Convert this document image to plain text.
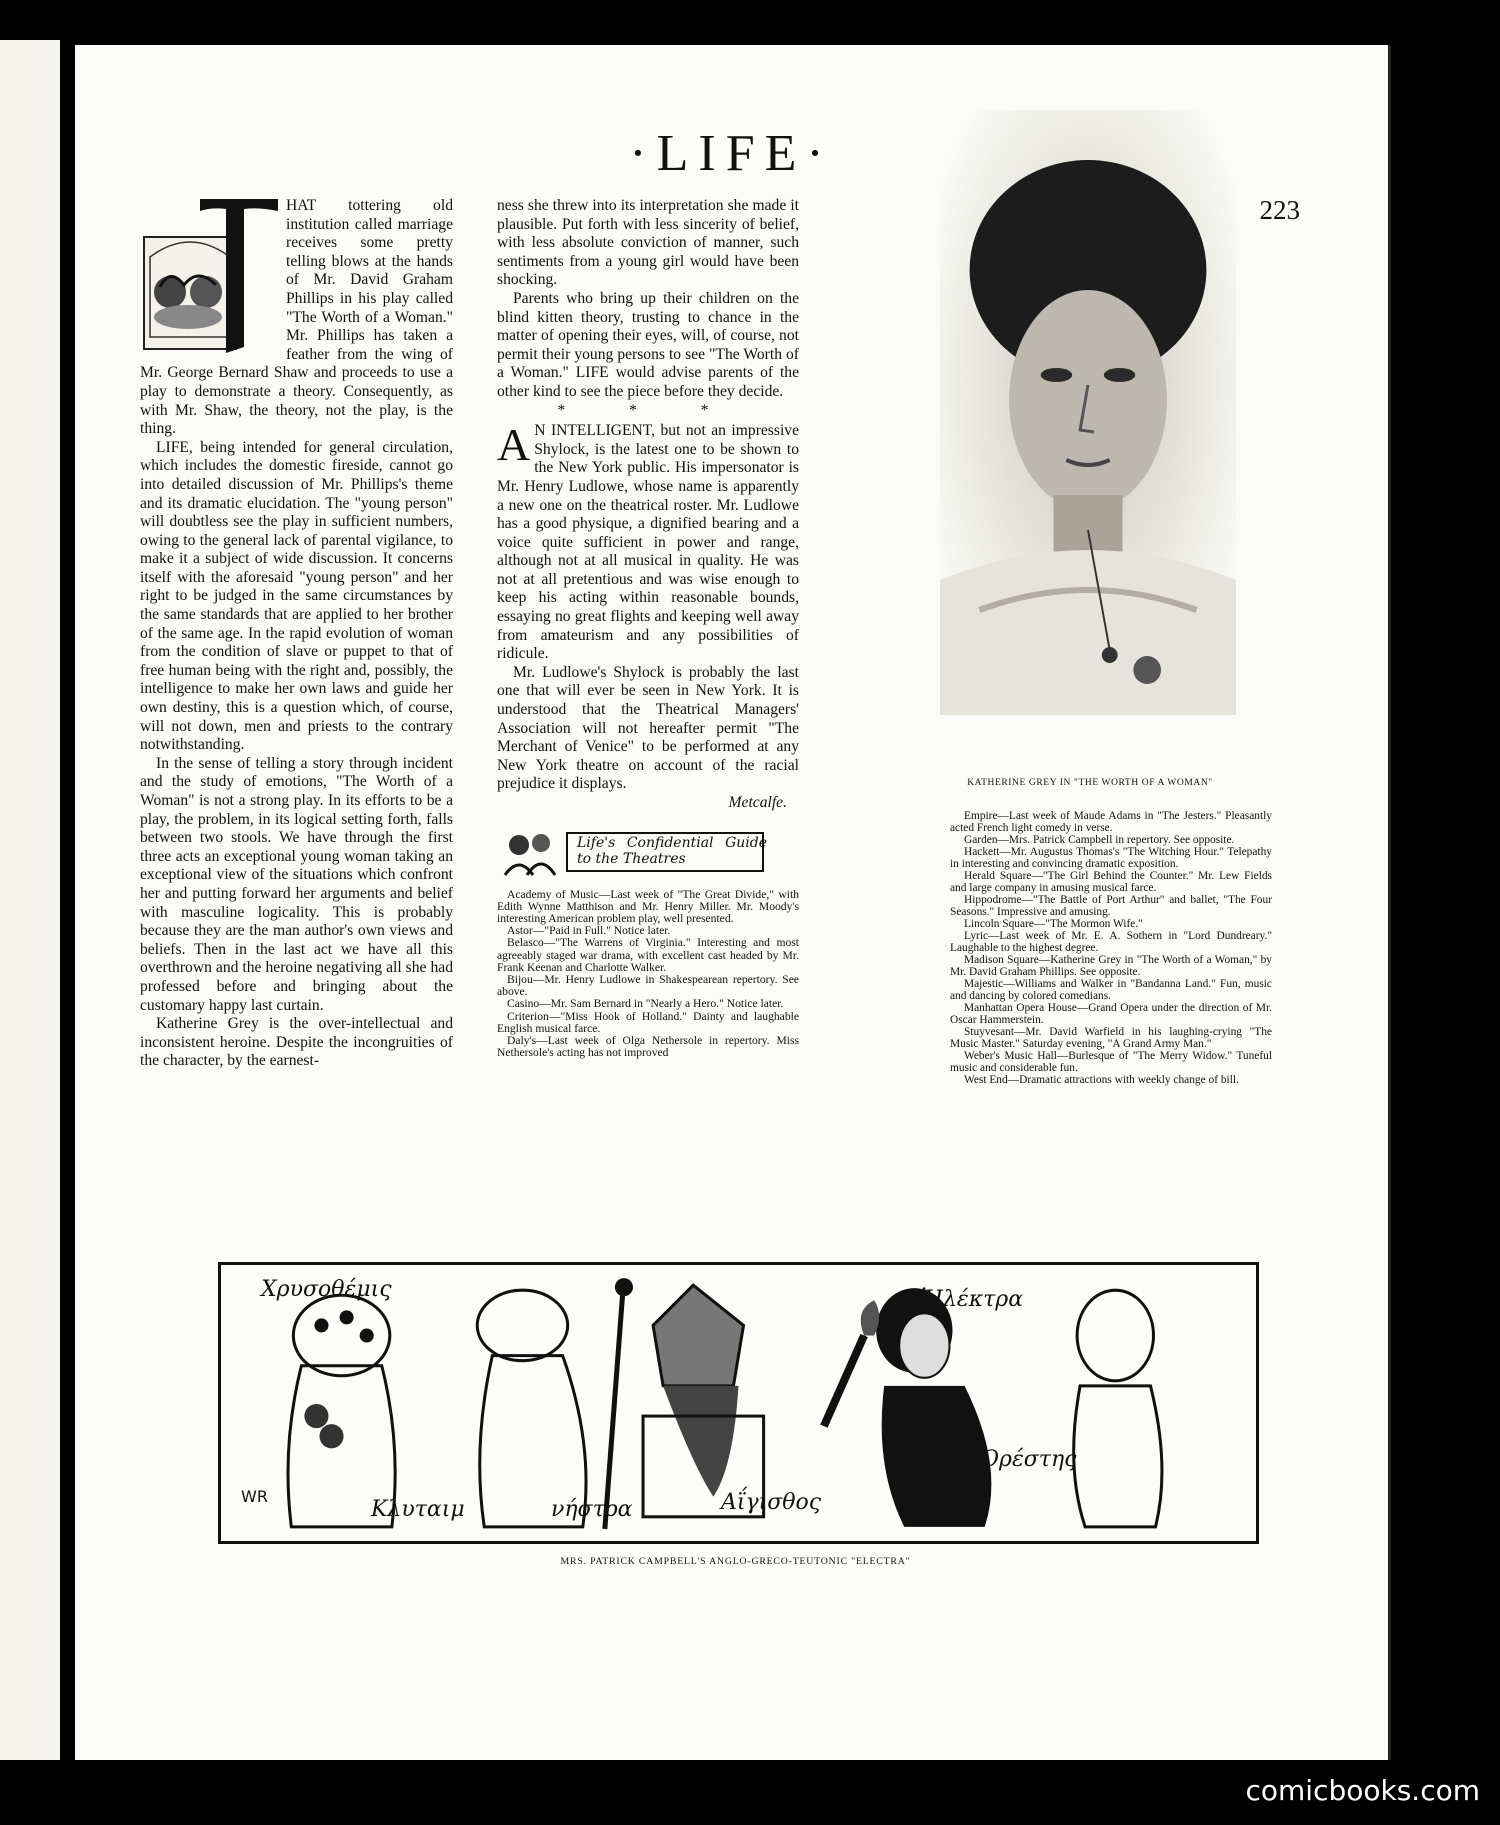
·LIFE·
223
T

HAT tottering old institution called marriage receives some pretty telling blows at the hands of Mr. David Graham Phillips in his play called "The Worth of a Woman." Mr. Phillips has taken a feather from the wing of Mr. George Bernard Shaw and proceeds to use a play to demonstrate a theory. Consequently, as with Mr. Shaw, the theory, not the play, is the thing.

LIFE, being intended for general circulation, which includes the domestic fireside, cannot go into detailed discussion of Mr. Phillips's theme and its dramatic elucidation. The "young person" will doubtless see the play in sufficient numbers, owing to the general lack of parental vigilance, to make it a subject of wide discussion. It concerns itself with the aforesaid "young person" and her right to be judged in the same circumstances by the same standards that are applied to her brother of the same age. In the rapid evolution of woman from the condition of slave or puppet to that of free human being with the right and, possibly, the intelligence to make her own laws and guide her own destiny, this is a question which, of course, will not down, men and priests to the contrary notwithstanding.

In the sense of telling a story through incident and the study of emotions, "The Worth of a Woman" is not a strong play. In its efforts to be a play, the problem, in its logical setting forth, falls between two stools. We have through the first three acts an exceptional young woman taking an exceptional view of the situations which confront her and putting forward her arguments and belief with masculine logicality. This is probably because they are the man author's own views and beliefs. Then in the last act we have all this overthrown and the heroine negativing all she had professed before and bringing about the customary happy last curtain.

Katherine Grey is the over-intellectual and inconsistent heroine. Despite the incongruities of the character, by the earnest-

ness she threw into its interpretation she made it plausible. Put forth with less sincerity of belief, with less absolute conviction of manner, such sentiments from a young girl would have been shocking.

Parents who bring up their children on the blind kitten theory, trusting to chance in the matter of opening their eyes, will, of course, not permit their young persons to see "The Worth of a Woman." LIFE would advise parents of the other kind to see the piece before they decide.

* * *

A N INTELLIGENT, but not an impressive Shylock, is the latest one to be shown to the New York public. His impersonator is Mr. Henry Ludlowe, whose name is apparently a new one on the theatrical roster. Mr. Ludlowe has a good physique, a dignified bearing and a voice quite sufficient in power and range, although not at all musical in quality. He was not at all pretentious and was wise enough to keep his acting within reasonable bounds, essaying no great flights and keeping well away from amateurism and any possibilities of ridicule.

Mr. Ludlowe's Shylock is probably the last one that will ever be seen in New York. It is understood that the Theatrical Managers' Association will not hereafter permit "The Merchant of Venice" to be performed at any New York theatre on account of the racial prejudice it displays.

Metcalfe.

Life's Confidential Guide to the Theatres

Academy of Music—Last week of "The Great Divide," with Edith Wynne Matthison and Mr. Henry Miller. Mr. Moody's interesting American problem play, well presented.

Astor—"Paid in Full." Notice later.

Belasco—"The Warrens of Virginia." Interesting and most agreeably staged war drama, with excellent cast headed by Mr. Frank Keenan and Charlotte Walker.

Bijou—Mr. Henry Ludlowe in Shakespearean repertory. See above.

Casino—Mr. Sam Bernard in "Nearly a Hero." Notice later.

Criterion—"Miss Hook of Holland." Dainty and laughable English musical farce.

Daly's—Last week of Olga Nethersole in repertory. Miss Nethersole's acting has not improved

KATHERINE GREY IN "THE WORTH OF A WOMAN"

Empire—Last week of Maude Adams in "The Jesters." Pleasantly acted French light comedy in verse.

Garden—Mrs. Patrick Campbell in repertory. See opposite.

Hackett—Mr. Augustus Thomas's "The Witching Hour." Telepathy in interesting and convincing dramatic exposition.

Herald Square—"The Girl Behind the Counter." Mr. Lew Fields and large company in amusing musical farce.

Hippodrome—"The Battle of Port Arthur" and ballet, "The Four Seasons." Impressive and amusing.

Lincoln Square—"The Mormon Wife."

Lyric—Last week of Mr. E. A. Sothern in "Lord Dundreary." Laughable to the highest degree.

Madison Square—Katherine Grey in "The Worth of a Woman," by Mr. David Graham Phillips. See opposite.

Majestic—Williams and Walker in "Bandanna Land." Fun, music and dancing by colored comedians.

Manhattan Opera House—Grand Opera under the direction of Mr. Oscar Hammerstein.

Stuyvesant—Mr. David Warfield in his laughing-crying "The Music Master." Saturday evening, "A Grand Army Man."

Weber's Music Hall—Burlesque of "The Merry Widow." Tuneful music and considerable fun.

West End—Dramatic attractions with weekly change of bill.

Χρυσοθέμις
Κλυταιμ	νήστρα	Αΐγισθος
Ἠλέκτρα
Ὀρέστης
WR
MRS. PATRICK CAMPBELL'S ANGLO-GRECO-TEUTONIC "ELECTRA"
comicbooks.com
